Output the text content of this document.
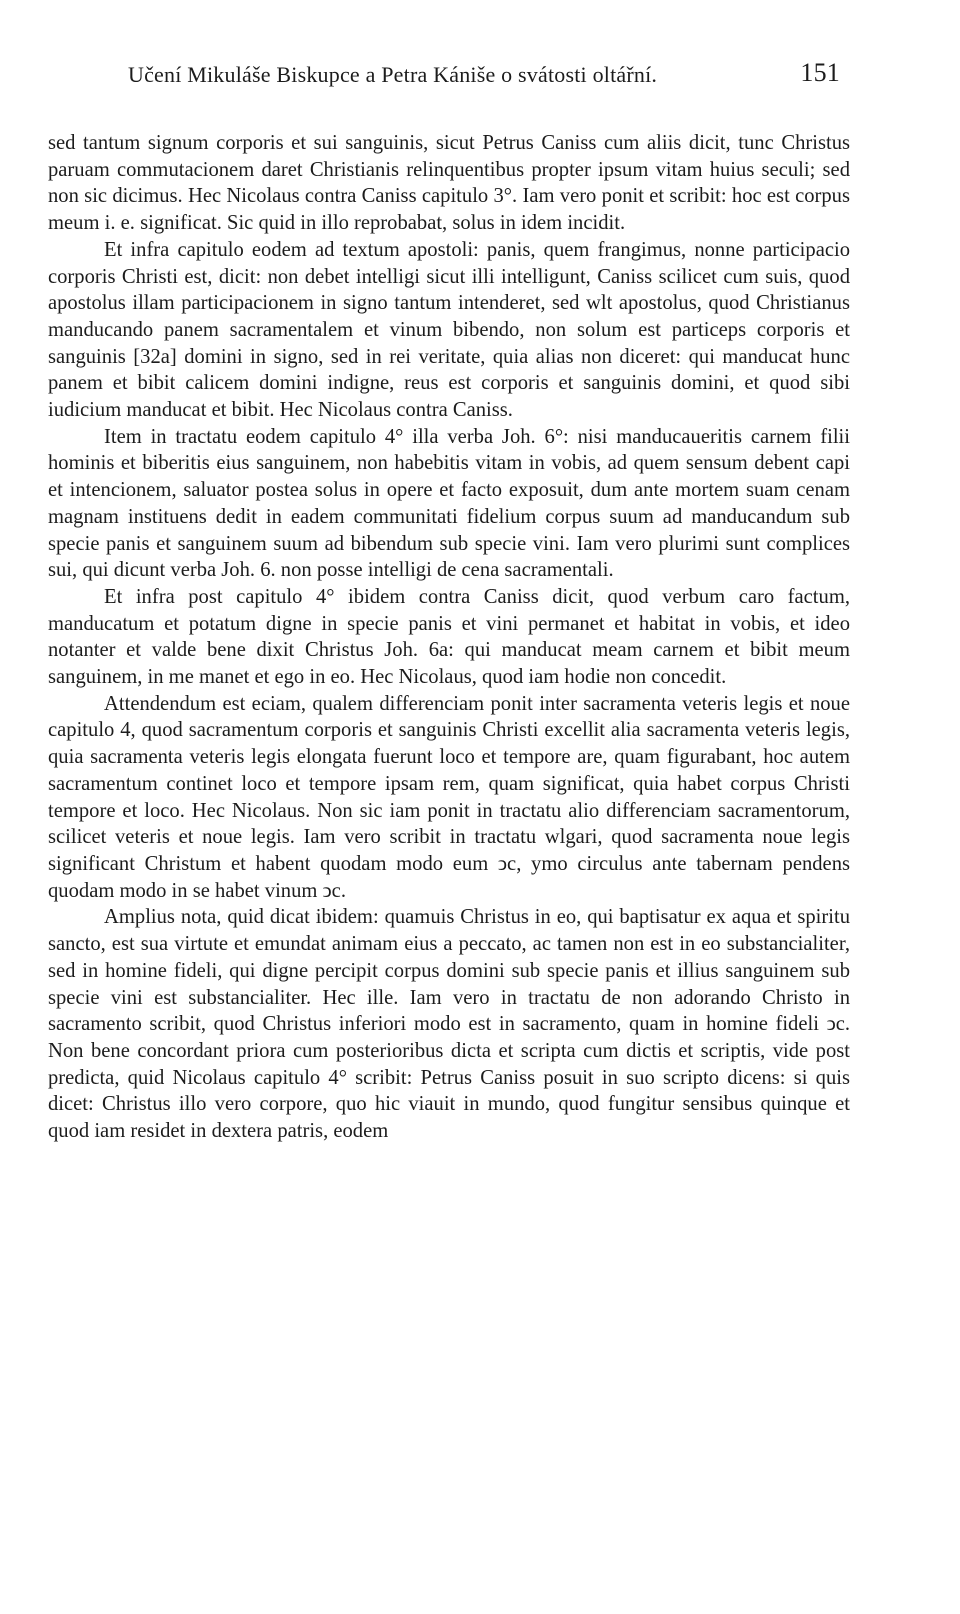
Učení Mikuláše Biskupce a Petra Kániše o svátosti oltářní.	151

sed tantum signum corporis et sui sanguinis, sicut Petrus Caniss cum aliis dicit, tunc Christus paruam commutacionem daret Christianis relinquentibus propter ipsum vitam huius seculi; sed non sic dicimus. Hec Nicolaus contra Caniss capitulo 3°. Iam vero ponit et scribit: hoc est corpus meum i. e. significat. Sic quid in illo reprobabat, solus in idem incidit.

Et infra capitulo eodem ad textum apostoli: panis, quem frangimus, nonne participacio corporis Christi est, dicit: non debet intelligi sicut illi intelligunt, Caniss scilicet cum suis, quod apostolus illam participacionem in signo tantum intenderet, sed wlt apostolus, quod Christianus manducando panem sacramentalem et vinum bibendo, non solum est particeps corporis et sanguinis [32a] domini in signo, sed in rei veritate, quia alias non diceret: qui manducat hunc panem et bibit calicem domini indigne, reus est corporis et sanguinis domini, et quod sibi iudicium manducat et bibit. Hec Nicolaus contra Caniss.

Item in tractatu eodem capitulo 4° illa verba Joh. 6°: nisi manducaueritis carnem filii hominis et biberitis eius sanguinem, non habebitis vitam in vobis, ad quem sensum debent capi et intencionem, saluator postea solus in opere et facto exposuit, dum ante mortem suam cenam magnam instituens dedit in eadem communitati fidelium corpus suum ad manducandum sub specie panis et sanguinem suum ad bibendum sub specie vini. Iam vero plurimi sunt complices sui, qui dicunt verba Joh. 6. non posse intelligi de cena sacramentali.

Et infra post capitulo 4° ibidem contra Caniss dicit, quod verbum caro factum, manducatum et potatum digne in specie panis et vini permanet et habitat in vobis, et ideo notanter et valde bene dixit Christus Joh. 6a: qui manducat meam carnem et bibit meum sanguinem, in me manet et ego in eo. Hec Nicolaus, quod iam hodie non concedit.

Attendendum est eciam, qualem differenciam ponit inter sacramenta veteris legis et noue capitulo 4, quod sacramentum corporis et sanguinis Christi excellit alia sacramenta veteris legis, quia sacramenta veteris legis elongata fuerunt loco et tempore are, quam figurabant, hoc autem sacramentum continet loco et tempore ipsam rem, quam significat, quia habet corpus Christi tempore et loco. Hec Nicolaus. Non sic iam ponit in tractatu alio differenciam sacramentorum, scilicet veteris et noue legis. Iam vero scribit in tractatu wlgari, quod sacramenta noue legis significant Christum et habent quodam modo eum ↄc, ymo circulus ante tabernam pendens quodam modo in se habet vinum ↄc.

Amplius nota, quid dicat ibidem: quamuis Christus in eo, qui baptisatur ex aqua et spiritu sancto, est sua virtute et emundat animam eius a peccato, ac tamen non est in eo substancialiter, sed in homine fideli, qui digne percipit corpus domini sub specie panis et illius sanguinem sub specie vini est substancialiter. Hec ille. Iam vero in tractatu de non adorando Christo in sacramento scribit, quod Christus inferiori modo est in sacramento, quam in homine fideli ↄc. Non bene concordant priora cum posterioribus dicta et scripta cum dictis et scriptis, vide post predicta, quid Nicolaus capitulo 4° scribit: Petrus Caniss posuit in suo scripto dicens: si quis dicet: Christus illo vero corpore, quo hic viauit in mundo, quod fungitur sensibus quinque et quod iam residet in dextera patris, eodem
